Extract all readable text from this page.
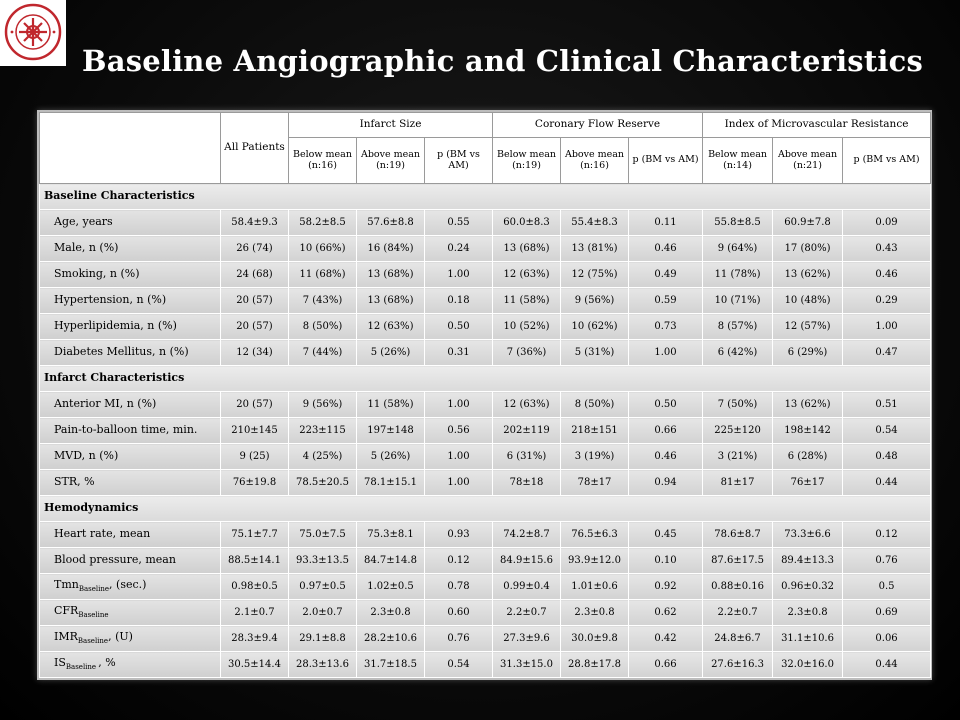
Baseline Angiographic and Clinical Characteristics
	All Patients	Infarct Size			Coronary Flow Reserve			Index of Microvascular Resistance		
		Below mean (n:16)	Above mean (n:19)	p (BM vs AM)	Below mean (n:19)	Above mean (n:16)	p (BM vs AM)	Below mean (n:14)	Above mean (n:21)	p (BM vs AM)
Baseline Characteristics										
Age, years	58.4±9.3	58.2±8.5	57.6±8.8	0.55	60.0±8.3	55.4±8.3	0.11	55.8±8.5	60.9±7.8	0.09
Male, n (%)	26 (74)	10 (66%)	16 (84%)	0.24	13 (68%)	13 (81%)	0.46	9 (64%)	17 (80%)	0.43
Smoking, n (%)	24 (68)	11 (68%)	13 (68%)	1.00	12 (63%)	12 (75%)	0.49	11 (78%)	13 (62%)	0.46
Hypertension, n (%)	20 (57)	7 (43%)	13 (68%)	0.18	11 (58%)	9 (56%)	0.59	10 (71%)	10 (48%)	0.29
Hyperlipidemia, n (%)	20 (57)	8 (50%)	12 (63%)	0.50	10 (52%)	10 (62%)	0.73	8 (57%)	12 (57%)	1.00
Diabetes Mellitus, n (%)	12 (34)	7 (44%)	5 (26%)	0.31	7 (36%)	5 (31%)	1.00	6 (42%)	6 (29%)	0.47
Infarct Characteristics										
Anterior MI, n (%)	20 (57)	9 (56%)	11 (58%)	1.00	12 (63%)	8 (50%)	0.50	7 (50%)	13 (62%)	0.51
Pain-to-balloon time, min.	210±145	223±115	197±148	0.56	202±119	218±151	0.66	225±120	198±142	0.54
MVD, n (%)	9 (25)	4 (25%)	5 (26%)	1.00	6 (31%)	3 (19%)	0.46	3 (21%)	6 (28%)	0.48
STR, %	76±19.8	78.5±20.5	78.1±15.1	1.00	78±18	78±17	0.94	81±17	76±17	0.44
Hemodynamics										
Heart rate, mean	75.1±7.7	75.0±7.5	75.3±8.1	0.93	74.2±8.7	76.5±6.3	0.45	78.6±8.7	73.3±6.6	0.12
Blood pressure, mean	88.5±14.1	93.3±13.5	84.7±14.8	0.12	84.9±15.6	93.9±12.0	0.10	87.6±17.5	89.4±13.3	0.76
Tmn$_{Baseline}$, (sec.)	0.98±0.5	0.97±0.5	1.02±0.5	0.78	0.99±0.4	1.01±0.6	0.92	0.88±0.16	0.96±0.32	0.5
$CFR_{Baseline}$	2.1±0.7	2.0±0.7	2.3±0.8	0.60	2.2±0.7	2.3±0.8	0.62	2.2±0.7	2.3±0.8	0.69
$IMR_{Baseline}$, (U)	28.3±9.4	29.1±8.8	28.2±10.6	0.76	27.3±9.6	30.0±9.8	0.42	24.8±6.7	31.1±10.6	0.06
$IS_{Baseline}$ , %	30.5±14.4	28.3±13.6	31.7±18.5	0.54	31.3±15.0	28.8±17.8	0.66	27.6±16.3	32.0±16.0	0.44
